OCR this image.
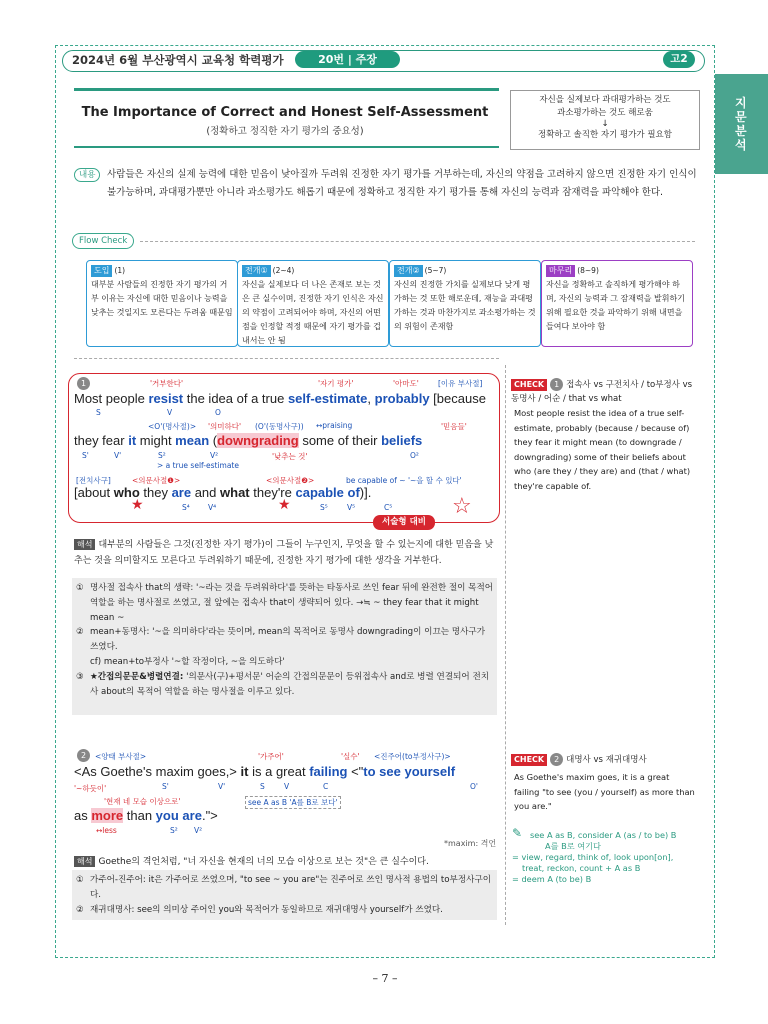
2024년 6월 부산광역시 교육청 학력평가	20번 | 주장	고2
지문분석
The Importance of Correct and Honest Self-Assessment
(정확하고 정직한 자기 평가의 중요성)
자신을 실제보다 과대평가하는 것도
과소평가하는 것도 해로움
↓
정확하고 솔직한 자기 평가가 필요함
내용	사람들은 자신의 실제 능력에 대한 믿음이 낮아질까 두려워 진정한 자기 평가를 거부하는데, 자신의 약점을 고려하지 않으면 진정한 자기 인식이 불가능하며, 과대평가뿐만 아니라 과소평가도 해롭기 때문에 정확하고 정직한 자기 평가를 통해 자신의 능력과 잠재력을 파악해야 한다.
Flow Check
도입 (1)
대부분 사람들의 진정한 자기 평가의 거부 이유는 자신에 대한 믿음이나 능력을 낮추는 것일지도 모른다는 두려움 때문임
전개① (2~4)
자신을 실제보다 더 나은 존재로 보는 것은 큰 실수이며, 진정한 자기 인식은 자신의 약점이 고려되어야 하며, 자신의 어떤 점을 인정할 적정 때문에 자기 평가를 겁내서는 안 됨
전개② (5~7)
자신의 진정한 가치를 실제보다 낮게 평가하는 것 또한 해로운데, 재능을 과대평가하는 것과 마찬가지로 과소평가하는 것의 위험이 존재함
마무리 (8~9)
자신을 정확하고 솔직하게 평가해야 하며, 자신의 능력과 그 잠재력을 발휘하기 위해 필요한 것을 파악하기 위해 내면을 들여다 보아야 함
1	'거부한다'	'자기 평가'	'아마도'	[이유 부사절]
Most people resist the idea of a true self-estimate, probably [because
S	V	O
<O'(명사절)> '의미하다' (O'(동명사구)) ↔praising	'믿음들'
they fear it might mean (downgrading some of their beliefs
S'	V'	S²	V²	O²
'낮추는 것'
> a true self-estimate
[전치사구]	<의문사절❶>	<의문사절❷>	be capable of ~ '~을 할 수 있다'
[about who they are and what they're capable of)].
★	★	☆
S⁴ V⁴	S⁵	V⁵	C⁵
서술형 대비
해석 대부분의 사람들은 그것(진정한 자기 평가)이 그들이 누구인지, 무엇을 할 수 있는지에 대한 믿음을 낮추는 것을 의미할지도 모른다고 두려워하기 때문에, 진정한 자기 평가에 대한 생각을 거부한다.
① 명사절 접속사 that의 생략: '~라는 것을 두려워하다'를 뜻하는 타동사로 쓰인 fear 뒤에 완전한 절이 목적어 역할을 하는 명사절로 쓰였고, 절 앞에는 접속사 that이 생략되어 있다. →≒ ~ they fear that it might mean ~
② mean+동명사: '~을 의미하다'라는 뜻이며, mean의 목적어로 동명사 downgrading이 이끄는 명사구가 쓰였다.
cf) mean+to부정사 '~할 작정이다, ~을 의도하다'
③ ★간접의문문&병렬연결: '의문사(구)+평서문' 어순의 간접의문문이 등위접속사 and로 병렬 연결되어 전치사 about의 목적어 역할을 하는 명사절을 이루고 있다.
CHECK 1 접속사 vs 구전치사 / to부정사 vs 동명사 / 어순 / that vs what
Most people resist the idea of a true self-estimate, probably (because / because of) they fear it might mean (to downgrade / downgrading) some of their beliefs about who (are they / they are) and (that / what) they're capable of.
2	<양태 부사절>	'가주어'	'실수' <진주어(to부정사구)>
<As Goethe's maxim goes,> it is a great failing <"to see yourself
'~하듯이'	S'	V'	S	V	C	O'
'현재 네 모습 이상으로'	see A as B 'A를 B로 보다'
as more than you are.">
↔less	S² V²
*maxim: 격언
해석 Goethe의 격언처럼, "너 자신을 현재의 너의 모습 이상으로 보는 것"은 큰 실수이다.
① 가주어-진주어: it은 가주어로 쓰였으며, "to see ~ you are"는 진주어로 쓰인 명사적 용법의 to부정사구이다.
② 재귀대명사: see의 의미상 주어인 you와 목적어가 동일하므로 재귀대명사 yourself가 쓰였다.
CHECK 2 대명사 vs 재귀대명사
As Goethe's maxim goes, it is a great failing "to see (you / yourself) as more than you are."
✎ see A as B, consider A (as / to be) B
A를 B로 여기다
= view, regard, think of, look upon[on],
treat, reckon, count + A as B
= deem A (to be) B
– 7 –
